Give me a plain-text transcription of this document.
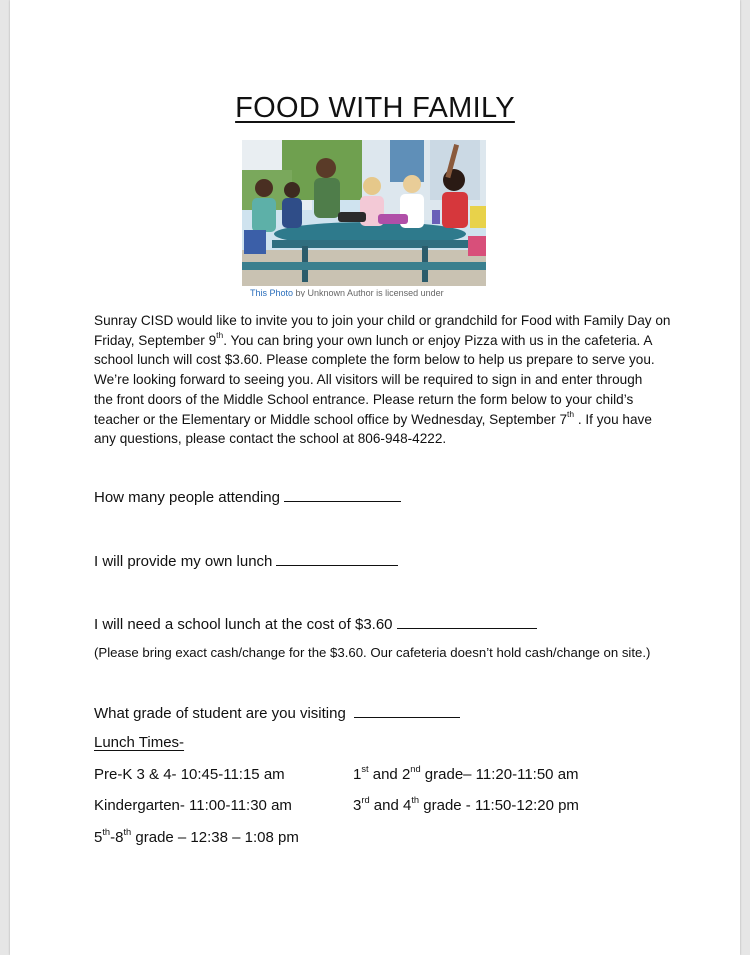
FOOD WITH FAMILY
This Photo by Unknown Author is licensed under

Sunray CISD would like to invite you to join your child or grandchild for Food with Family Day on

Friday, September 9th. You can bring your own lunch or enjoy Pizza with us in the cafeteria. A

school lunch will cost $3.60. Please complete the form below to help us prepare to serve you.

We’re looking forward to seeing you. All visitors will be required to sign in and enter through

the front doors of the Middle School entrance. Please return the form below to your child’s

teacher or the Elementary or Middle school office by Wednesday, September 7th . If you have

any questions, please contact the school at 806-948-4222.

How many people attending
I will provide my own lunch
I will need a school lunch at the cost of $3.60
(Please bring exact cash/change for the $3.60. Our cafeteria doesn’t hold cash/change on site.)
What grade of student are you visiting
Lunch Times-
Pre-K 3 & 4- 10:45-11:15 am	1st and 2nd grade– 11:20-11:50 am
Kindergarten- 11:00-11:30 am	3rd and 4th grade - 11:50-12:20 pm
5th-8th grade – 12:38 – 1:08 pm
